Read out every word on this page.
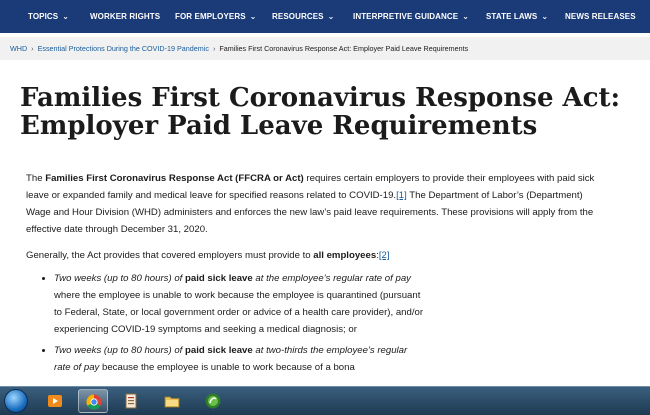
TOPICS ⌄	WORKER RIGHTS FOR EMPLOYERS ⌄ RESOURCES ⌄ INTERPRETIVE GUIDANCE ⌄ STATE LAWS ⌄ NEWS RELEASES
WHD › Essential Protections During the COVID-19 Pandemic › Families First Coronavirus Response Act: Employer Paid Leave Requirements
Families First Coronavirus Response Act: Employer Paid Leave Requirements

The Families First Coronavirus Response Act (FFCRA or Act) requires certain employers to provide their employees with paid sick leave or expanded family and medical leave for specified reasons related to COVID-19.[1] The Department of Labor’s (Department) Wage and Hour Division (WHD) administers and enforces the new law’s paid leave requirements. These provisions will apply from the effective date through December 31, 2020.

Generally, the Act provides that covered employers must provide to all employees:[2]

• Two weeks (up to 80 hours) of paid sick leave at the employee’s regular rate of pay where the employee is unable to work because the employee is quarantined (pursuant to Federal, State, or local government order or advice of a health care provider), and/or experiencing COVID-19 symptoms and seeking a medical diagnosis; or
• Two weeks (up to 80 hours) of paid sick leave at two-thirds the employee’s regular rate of pay because the employee is unable to work because of a bona
